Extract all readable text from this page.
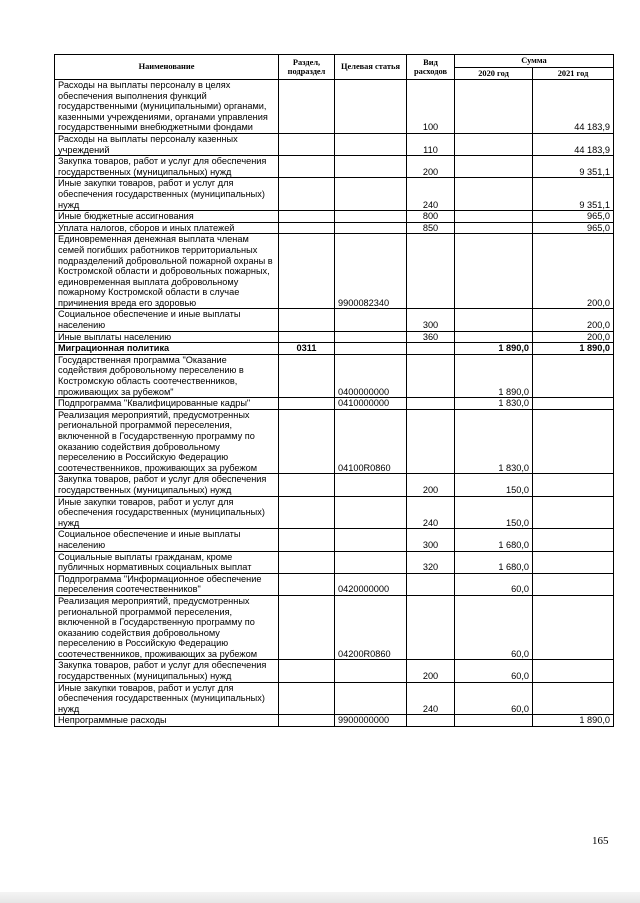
Наименование	Раздел, подраздел	Целевая статья	Вид расходов	Сумма	
				2020 год	2021 год
Расходы на выплаты персоналу в целях обеспечения выполнения функций государственными (муниципальными) органами, казенными учреждениями, органами управления государственными внебюджетными фондами			100		44 183,9
Расходы на выплаты персоналу казенных учреждений			110		44 183,9
Закупка товаров, работ и услуг для обеспечения государственных (муниципальных) нужд			200		9 351,1
Иные закупки товаров, работ и услуг для обеспечения государственных (муниципальных) нужд			240		9 351,1
Иные бюджетные ассигнования			800		965,0
Уплата налогов, сборов и иных платежей			850		965,0
Единовременная денежная выплата членам семей погибших работников территориальных подразделений добровольной пожарной охраны в Костромской области и добровольных пожарных, единовременная выплата добровольному пожарному Костромской области в случае причинения вреда его здоровью		9900082340			200,0
Социальное обеспечение и иные выплаты населению			300		200,0
Иные выплаты населению			360		200,0
Миграционная политика	0311			1 890,0	1 890,0
Государственная программа "Оказание содействия добровольному переселению в Костромскую область соотечественников, проживающих за рубежом"		0400000000		1 890,0	
Подпрограмма "Квалифицированные кадры"		0410000000		1 830,0	
Реализация мероприятий, предусмотренных региональной программой переселения, включенной в Государственную программу по оказанию содействия добровольному переселению в Российскую Федерацию соотечественников, проживающих за рубежом		04100R0860		1 830,0	
Закупка товаров, работ и услуг для обеспечения государственных (муниципальных) нужд			200	150,0	
Иные закупки товаров, работ и услуг для обеспечения государственных (муниципальных) нужд			240	150,0	
Социальное обеспечение и иные выплаты населению			300	1 680,0	
Социальные выплаты гражданам, кроме публичных нормативных социальных выплат			320	1 680,0	
Подпрограмма "Информационное обеспечение переселения соотечественников"		0420000000		60,0	
Реализация мероприятий, предусмотренных региональной программой переселения, включенной в Государственную программу по оказанию содействия добровольному переселению в Российскую Федерацию соотечественников, проживающих за рубежом		04200R0860		60,0	
Закупка товаров, работ и услуг для обеспечения государственных (муниципальных) нужд			200	60,0	
Иные закупки товаров, работ и услуг для обеспечения государственных (муниципальных) нужд			240	60,0	
Непрограммные расходы		9900000000			1 890,0
165
